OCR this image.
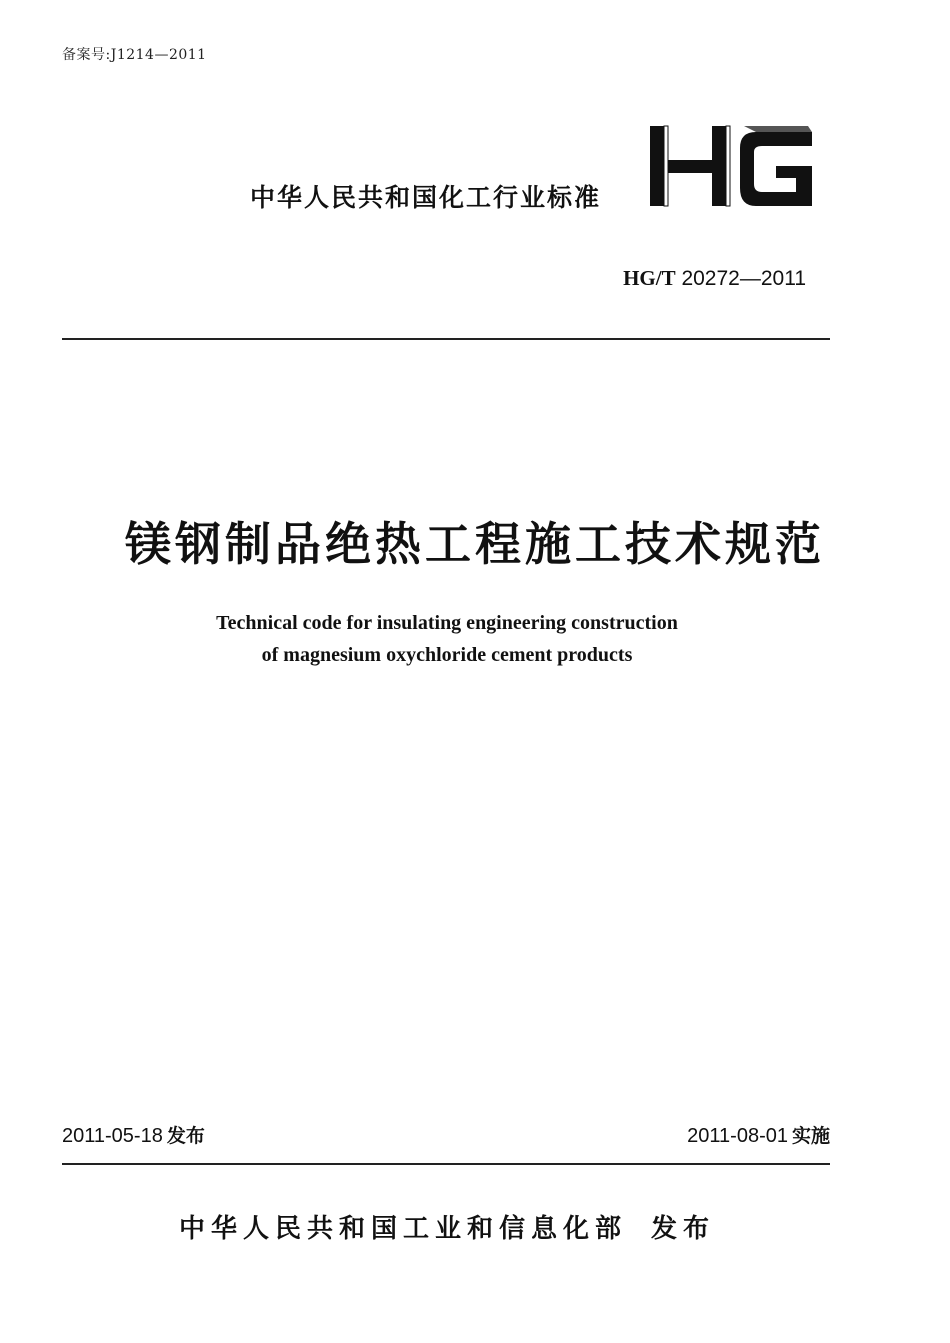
备案号:J1214—2011
中华人民共和国化工行业标准
HG/T 20272—2011
镁钢制品绝热工程施工技术规范
Technical code for insulating engineering construction
of magnesium oxychloride cement products
2011-05-18 发布	2011-08-01 实施
中华人民共和国工业和信息化部 发布
